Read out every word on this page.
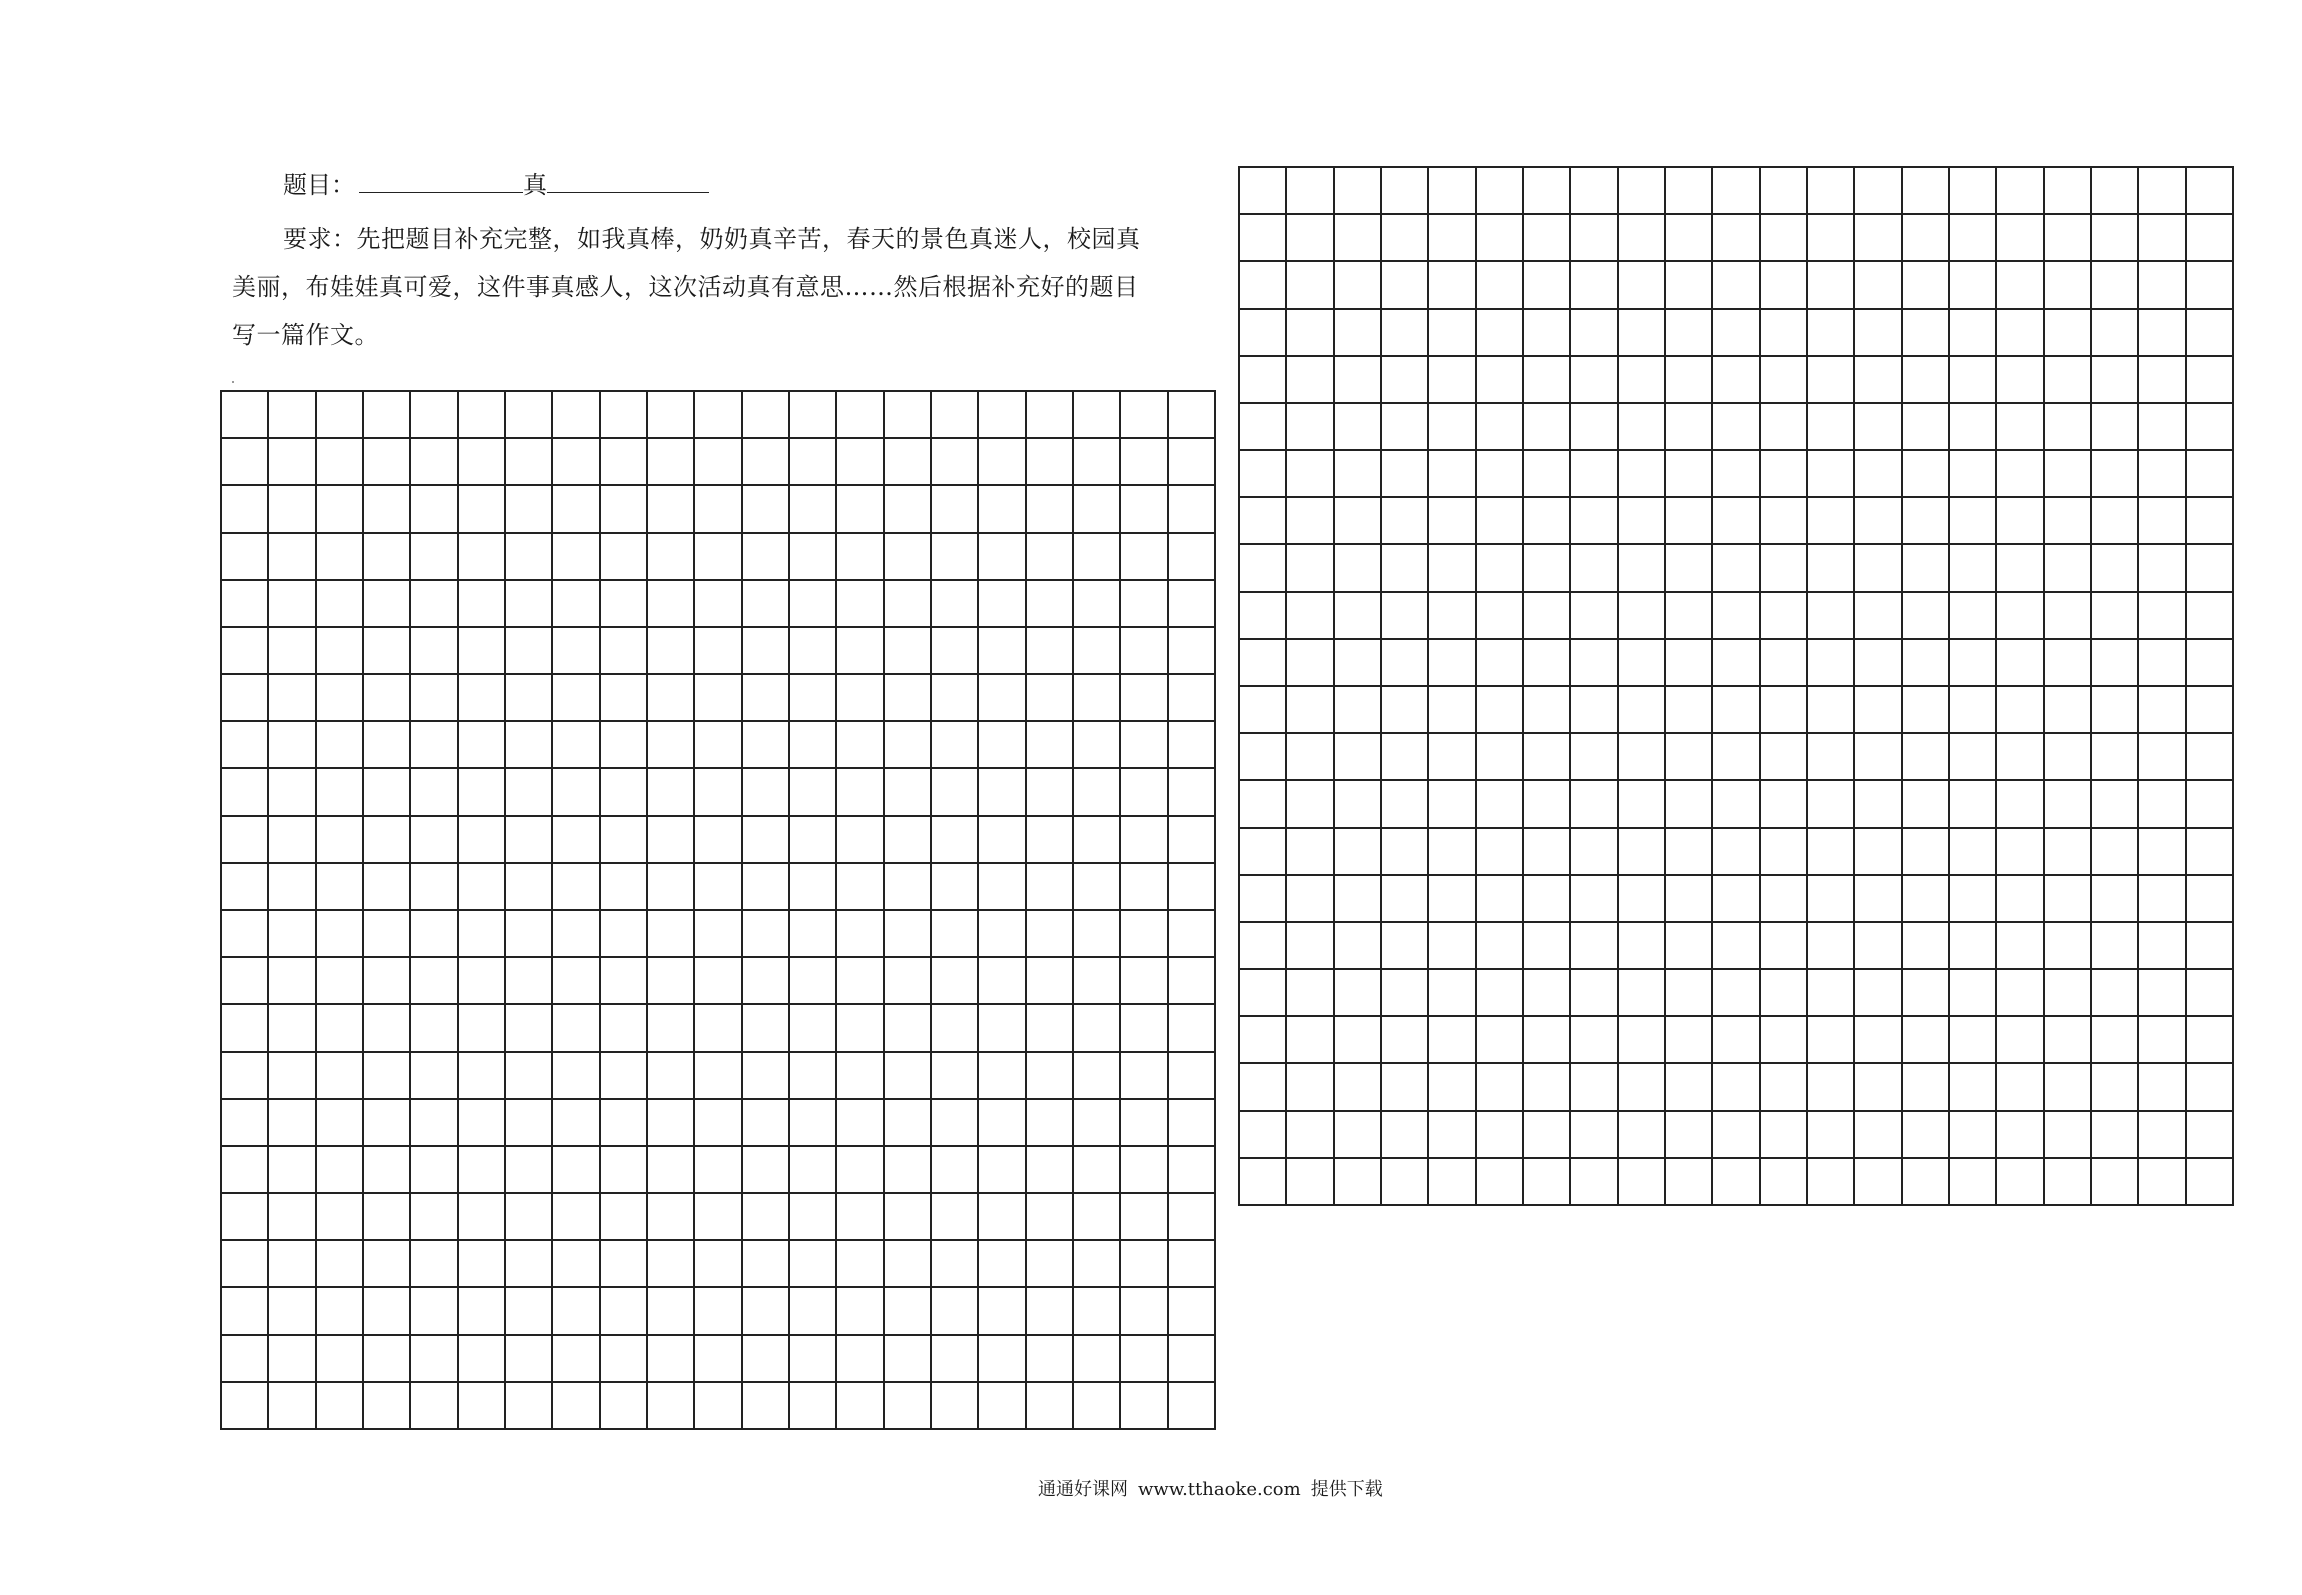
题目：	真
要求：先把题目补充完整，如我真棒，奶奶真辛苦，春天的景色真迷人，校园真美丽，布娃娃真可爱，这件事真感人，这次活动真有意思……然后根据补充好的题目写一篇作文。
通通好课网 www.tthaoke.com 提供下载
